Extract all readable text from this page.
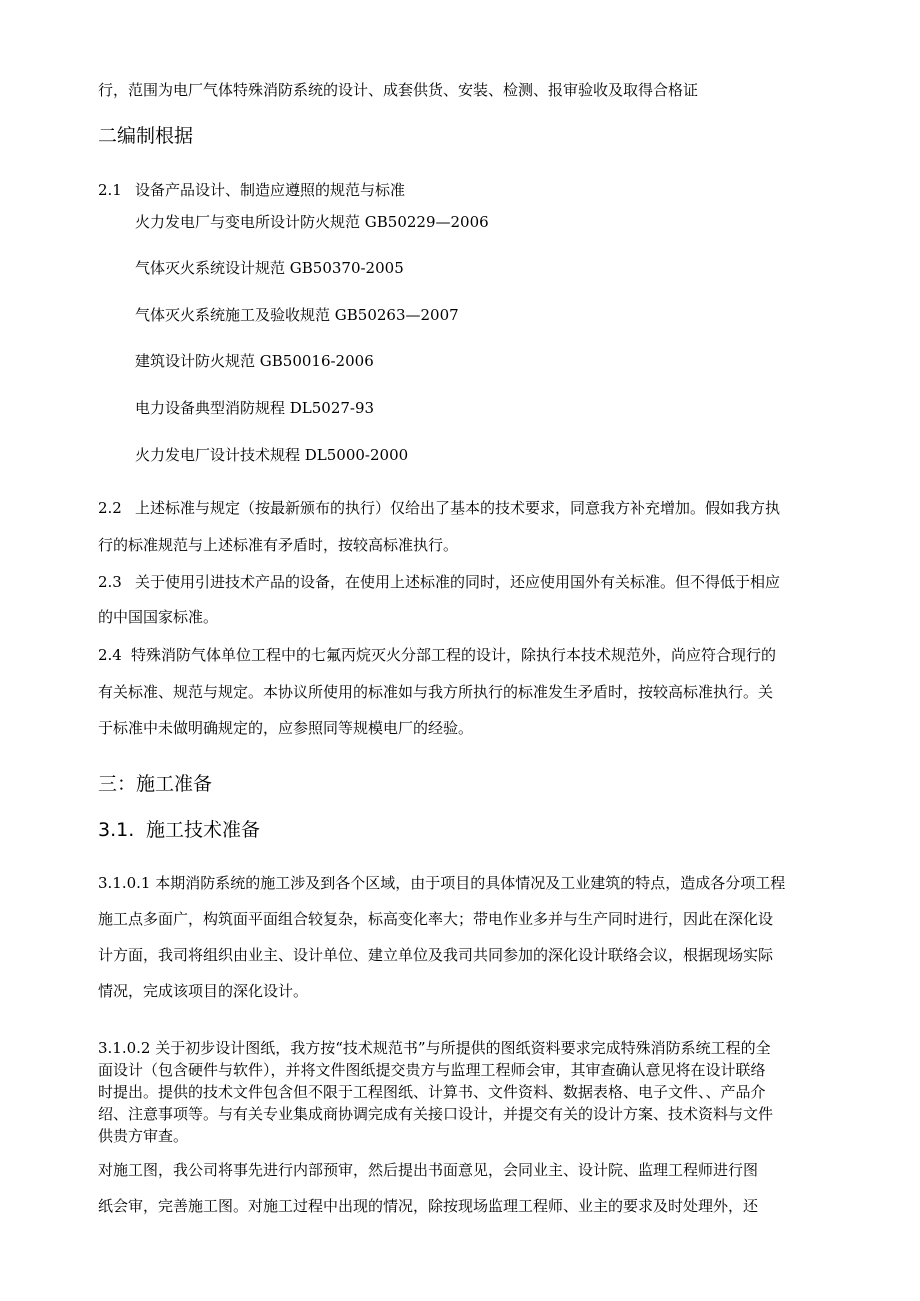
行，范围为电厂气体特殊消防系统的设计、成套供货、安装、检测、报审验收及取得合格证
二编制根据
2.1 设备产品设计、制造应遵照的规范与标准
火力发电厂与变电所设计防火规范 GB50229—2006
气体灭火系统设计规范 GB50370-2005
气体灭火系统施工及验收规范 GB50263—2007
建筑设计防火规范 GB50016-2006
电力设备典型消防规程 DL5027-93
火力发电厂设计技术规程 DL5000-2000
2.2 上述标准与规定（按最新颁布的执行）仅给出了基本的技术要求，同意我方补充增加。假如我方执
行的标准规范与上述标准有矛盾时，按较高标准执行。
2.3 关于使用引进技术产品的设备，在使用上述标准的同时，还应使用国外有关标准。但不得低于相应
的中国国家标准。
2.4 特殊消防气体单位工程中的七氟丙烷灭火分部工程的设计，除执行本技术规范外，尚应符合现行的
有关标准、规范与规定。本协议所使用的标准如与我方所执行的标准发生矛盾时，按较高标准执行。关
于标准中未做明确规定的，应参照同等规模电厂的经验。
三：施工准备
3.1. 施工技术准备
3.1.0.1 本期消防系统的施工涉及到各个区域，由于项目的具体情况及工业建筑的特点，造成各分项工程
施工点多面广，构筑面平面组合较复杂，标高变化率大；带电作业多并与生产同时进行，因此在深化设
计方面，我司将组织由业主、设计单位、建立单位及我司共同参加的深化设计联络会议，根据现场实际
情况，完成该项目的深化设计。
3.1.0.2 关于初步设计图纸，我方按“技术规范书”与所提供的图纸资料要求完成特殊消防系统工程的全
面设计（包含硬件与软件），并将文件图纸提交贵方与监理工程师会审，其审查确认意见将在设计联络
时提出。提供的技术文件包含但不限于工程图纸、计算书、文件资料、数据表格、电子文件、、产品介
绍、注意事项等。与有关专业集成商协调完成有关接口设计，并提交有关的设计方案、技术资料与文件
供贵方审查。
对施工图，我公司将事先进行内部预审，然后提出书面意见，会同业主、设计院、监理工程师进行图
纸会审，完善施工图。对施工过程中出现的情况，除按现场监理工程师、业主的要求及时处理外，还
